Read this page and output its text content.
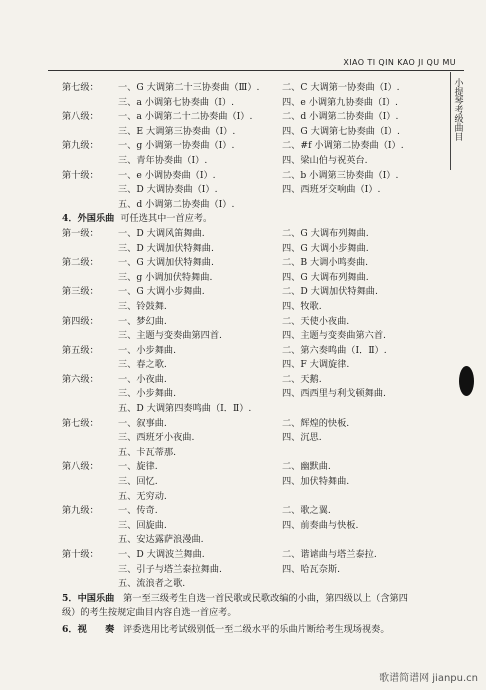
XIAO TI QIN KAO JI QU MU
小提琴考级曲目
第七级： 一、G 大调第二十三协奏曲（Ⅲ）. 二、C 大调第一协奏曲（Ⅰ）.
三、a 小调第七协奏曲（Ⅰ）.	四、e 小调第九协奏曲（Ⅰ）.
第八级： 一、a 小调第二十二协奏曲（Ⅰ）.	二、d 小调第二协奏曲（Ⅰ）.
三、E 大调第三协奏曲（Ⅰ）.	四、G 大调第七协奏曲（Ⅰ）.
第九级： 一、g 小调第一协奏曲（Ⅰ）.	二、#f 小调第二协奏曲（Ⅰ）.
三、青年协奏曲（Ⅰ）.	四、梁山伯与祝英台.
第十级： 一、e 小调协奏曲（Ⅰ）.	二、b 小调第三协奏曲（Ⅰ）.
三、D 大调协奏曲（Ⅰ）.	四、西班牙交响曲（Ⅰ）.
五、d 小调第二协奏曲（Ⅰ）.
4．外国乐曲 可任选其中一首应考。
第一级： 一、D 大调风笛舞曲.	二、G 大调布列舞曲.
三、D 大调加伏特舞曲.	四、G 大调小步舞曲.
第二级： 一、G 大调加伏特舞曲.	二、B 大调小鸣奏曲.
三、g 小调加伏特舞曲.	四、G 大调布列舞曲.
第三级： 一、G 大调小步舞曲.	二、D 大调加伏特舞曲.
三、铃鼓舞.	四、牧歌.
第四级： 一、梦幻曲.	二、天使小夜曲.
三、主题与变奏曲第四首.	四、主题与变奏曲第六首.
第五级： 一、小步舞曲.	二、第六奏鸣曲（Ⅰ．Ⅱ）.
三、春之歌.	四、F 大调旋律.
第六级： 一、小夜曲.	二、天鹅.
三、小步舞曲.	四、西西里与利戈顿舞曲.
五、D 大调第四奏鸣曲（Ⅰ．Ⅱ）.
第七级： 一、叙事曲.	二、辉煌的快板.
三、西班牙小夜曲.	四、沉思.
五、卡瓦蒂那.
第八级： 一、旋律.	二、幽默曲.
三、回忆.	四、加伏特舞曲.
五、无穷动.
第九级： 一、传奇.	二、歌之翼.
三、回旋曲.	四、前奏曲与快板.
五、安达露萨浪漫曲.
第十级： 一、D 大调波兰舞曲.	二、谐谑曲与塔兰泰拉.
三、引子与塔兰泰拉舞曲.	四、哈瓦奈斯.
五、流浪者之歌.
5．中国乐曲 第一至三级考生自选一首民歌或民歌改编的小曲，第四级以上（含第四
级）的考生按规定曲目内容自选一首应考。
6．视　　奏 评委选用比考试级别低一至二级水平的乐曲片断给考生现场视奏。
歌谱简谱网 jianpu.cn
